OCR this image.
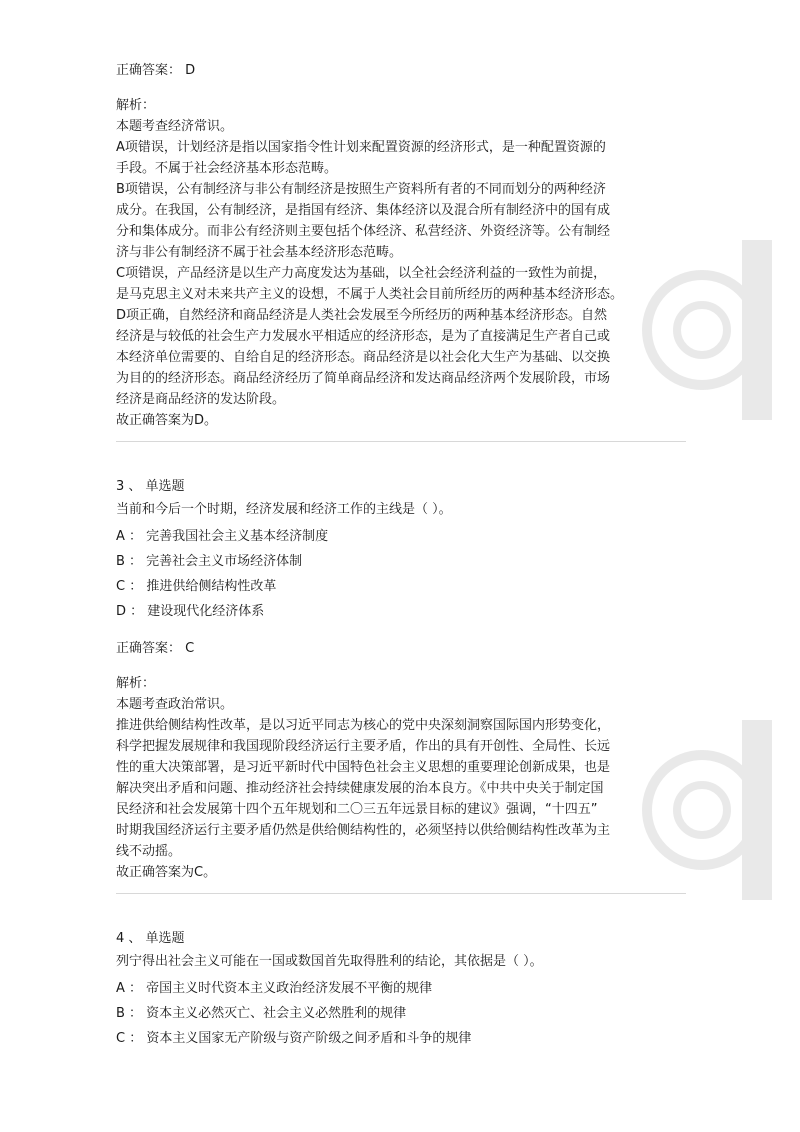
正确答案： D
解析：
本题考查经济常识。
A项错误，计划经济是指以国家指令性计划来配置资源的经济形式，是一种配置资源的
手段。不属于社会经济基本形态范畴。
B项错误，公有制经济与非公有制经济是按照生产资料所有者的不同而划分的两种经济
成分。在我国，公有制经济，是指国有经济、集体经济以及混合所有制经济中的国有成
分和集体成分。而非公有经济则主要包括个体经济、私营经济、外资经济等。公有制经
济与非公有制经济不属于社会基本经济形态范畴。
C项错误，产品经济是以生产力高度发达为基础，以全社会经济利益的一致性为前提，
是马克思主义对未来共产主义的设想，不属于人类社会目前所经历的两种基本经济形态。
D项正确，自然经济和商品经济是人类社会发展至今所经历的两种基本经济形态。自然
经济是与较低的社会生产力发展水平相适应的经济形态，是为了直接满足生产者自己或
本经济单位需要的、自给自足的经济形态。商品经济是以社会化大生产为基础、以交换
为目的的经济形态。商品经济经历了简单商品经济和发达商品经济两个发展阶段，市场
经济是商品经济的发达阶段。
故正确答案为D。
3 、 单选题
当前和今后一个时期，经济发展和经济工作的主线是（ ）。
A ： 完善我国社会主义基本经济制度
B ： 完善社会主义市场经济体制
C ： 推进供给侧结构性改革
D ： 建设现代化经济体系
正确答案： C
解析：
本题考查政治常识。
推进供给侧结构性改革，是以习近平同志为核心的党中央深刻洞察国际国内形势变化，
科学把握发展规律和我国现阶段经济运行主要矛盾，作出的具有开创性、全局性、长远
性的重大决策部署，是习近平新时代中国特色社会主义思想的重要理论创新成果，也是
解决突出矛盾和问题、推动经济社会持续健康发展的治本良方。《中共中央关于制定国
民经济和社会发展第十四个五年规划和二〇三五年远景目标的建议》强调，“十四五”
时期我国经济运行主要矛盾仍然是供给侧结构性的，必须坚持以供给侧结构性改革为主
线不动摇。
故正确答案为C。
4 、 单选题
列宁得出社会主义可能在一国或数国首先取得胜利的结论，其依据是（ ）。
A ： 帝国主义时代资本主义政治经济发展不平衡的规律
B ： 资本主义必然灭亡、社会主义必然胜利的规律
C ： 资本主义国家无产阶级与资产阶级之间矛盾和斗争的规律
